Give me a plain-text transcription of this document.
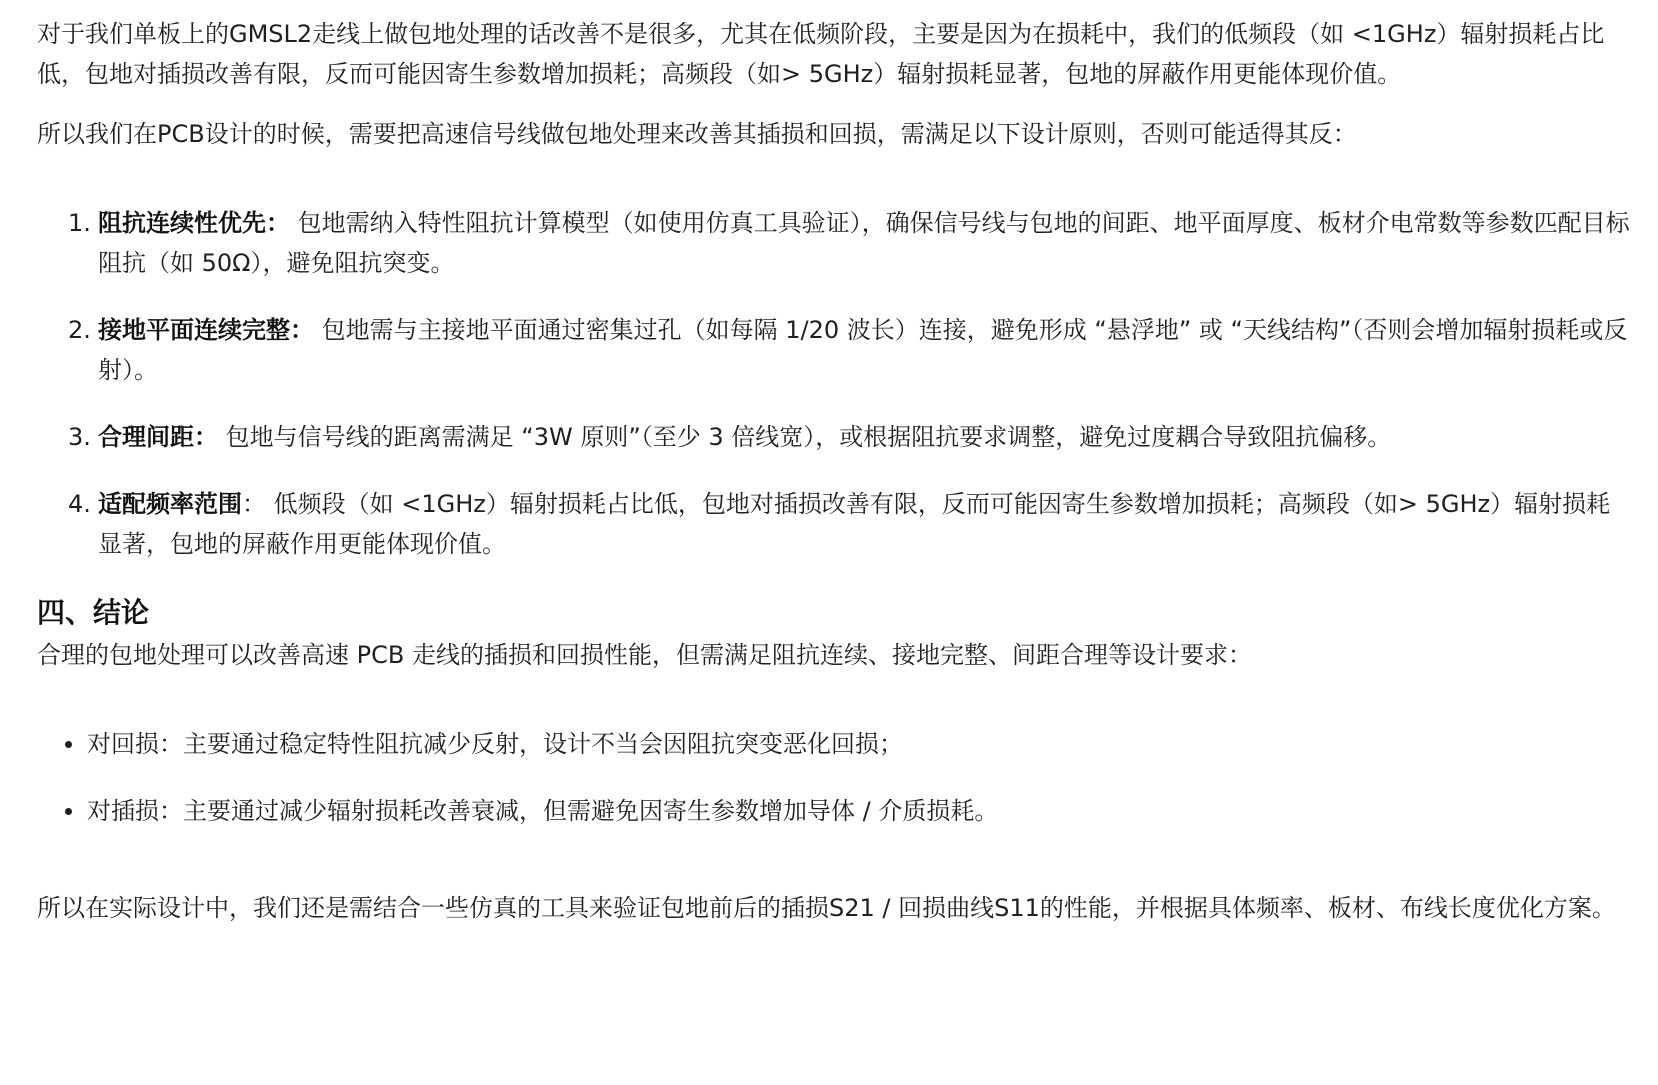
对于我们单板上的GMSL2走线上做包地处理的话改善不是很多，尤其在低频阶段，主要是因为在损耗中，我们的低频段（如 <1GHz）辐射损耗占比低，包地对插损改善有限，反而可能因寄生参数增加损耗；高频段（如> 5GHz）辐射损耗显著，包地的屏蔽作用更能体现价值。

所以我们在PCB设计的时候，需要把高速信号线做包地处理来改善其插损和回损，需满足以下设计原则，否则可能适得其反：

1. 阻抗连续性优先： 包地需纳入特性阻抗计算模型（如使用仿真工具验证），确保信号线与包地的间距、地平面厚度、板材介电常数等参数匹配目标阻抗（如 50Ω），避免阻抗突变。
2. 接地平面连续完整： 包地需与主接地平面通过密集过孔（如每隔 1/20 波长）连接，避免形成 “悬浮地” 或 “天线结构”（否则会增加辐射损耗或反射）。
3. 合理间距： 包地与信号线的距离需满足 “3W 原则”（至少 3 倍线宽），或根据阻抗要求调整，避免过度耦合导致阻抗偏移。
4. 适配频率范围： 低频段（如 <1GHz）辐射损耗占比低，包地对插损改善有限，反而可能因寄生参数增加损耗；高频段（如> 5GHz）辐射损耗显著，包地的屏蔽作用更能体现价值。
四、结论

合理的包地处理可以改善高速 PCB 走线的插损和回损性能，但需满足阻抗连续、接地完整、间距合理等设计要求：

对回损：主要通过稳定特性阻抗减少反射，设计不当会因阻抗突变恶化回损；
对插损：主要通过减少辐射损耗改善衰减，但需避免因寄生参数增加导体 / 介质损耗。

所以在实际设计中，我们还是需结合一些仿真的工具来验证包地前后的插损S21 / 回损曲线S11的性能，并根据具体频率、板材、布线长度优化方案。
